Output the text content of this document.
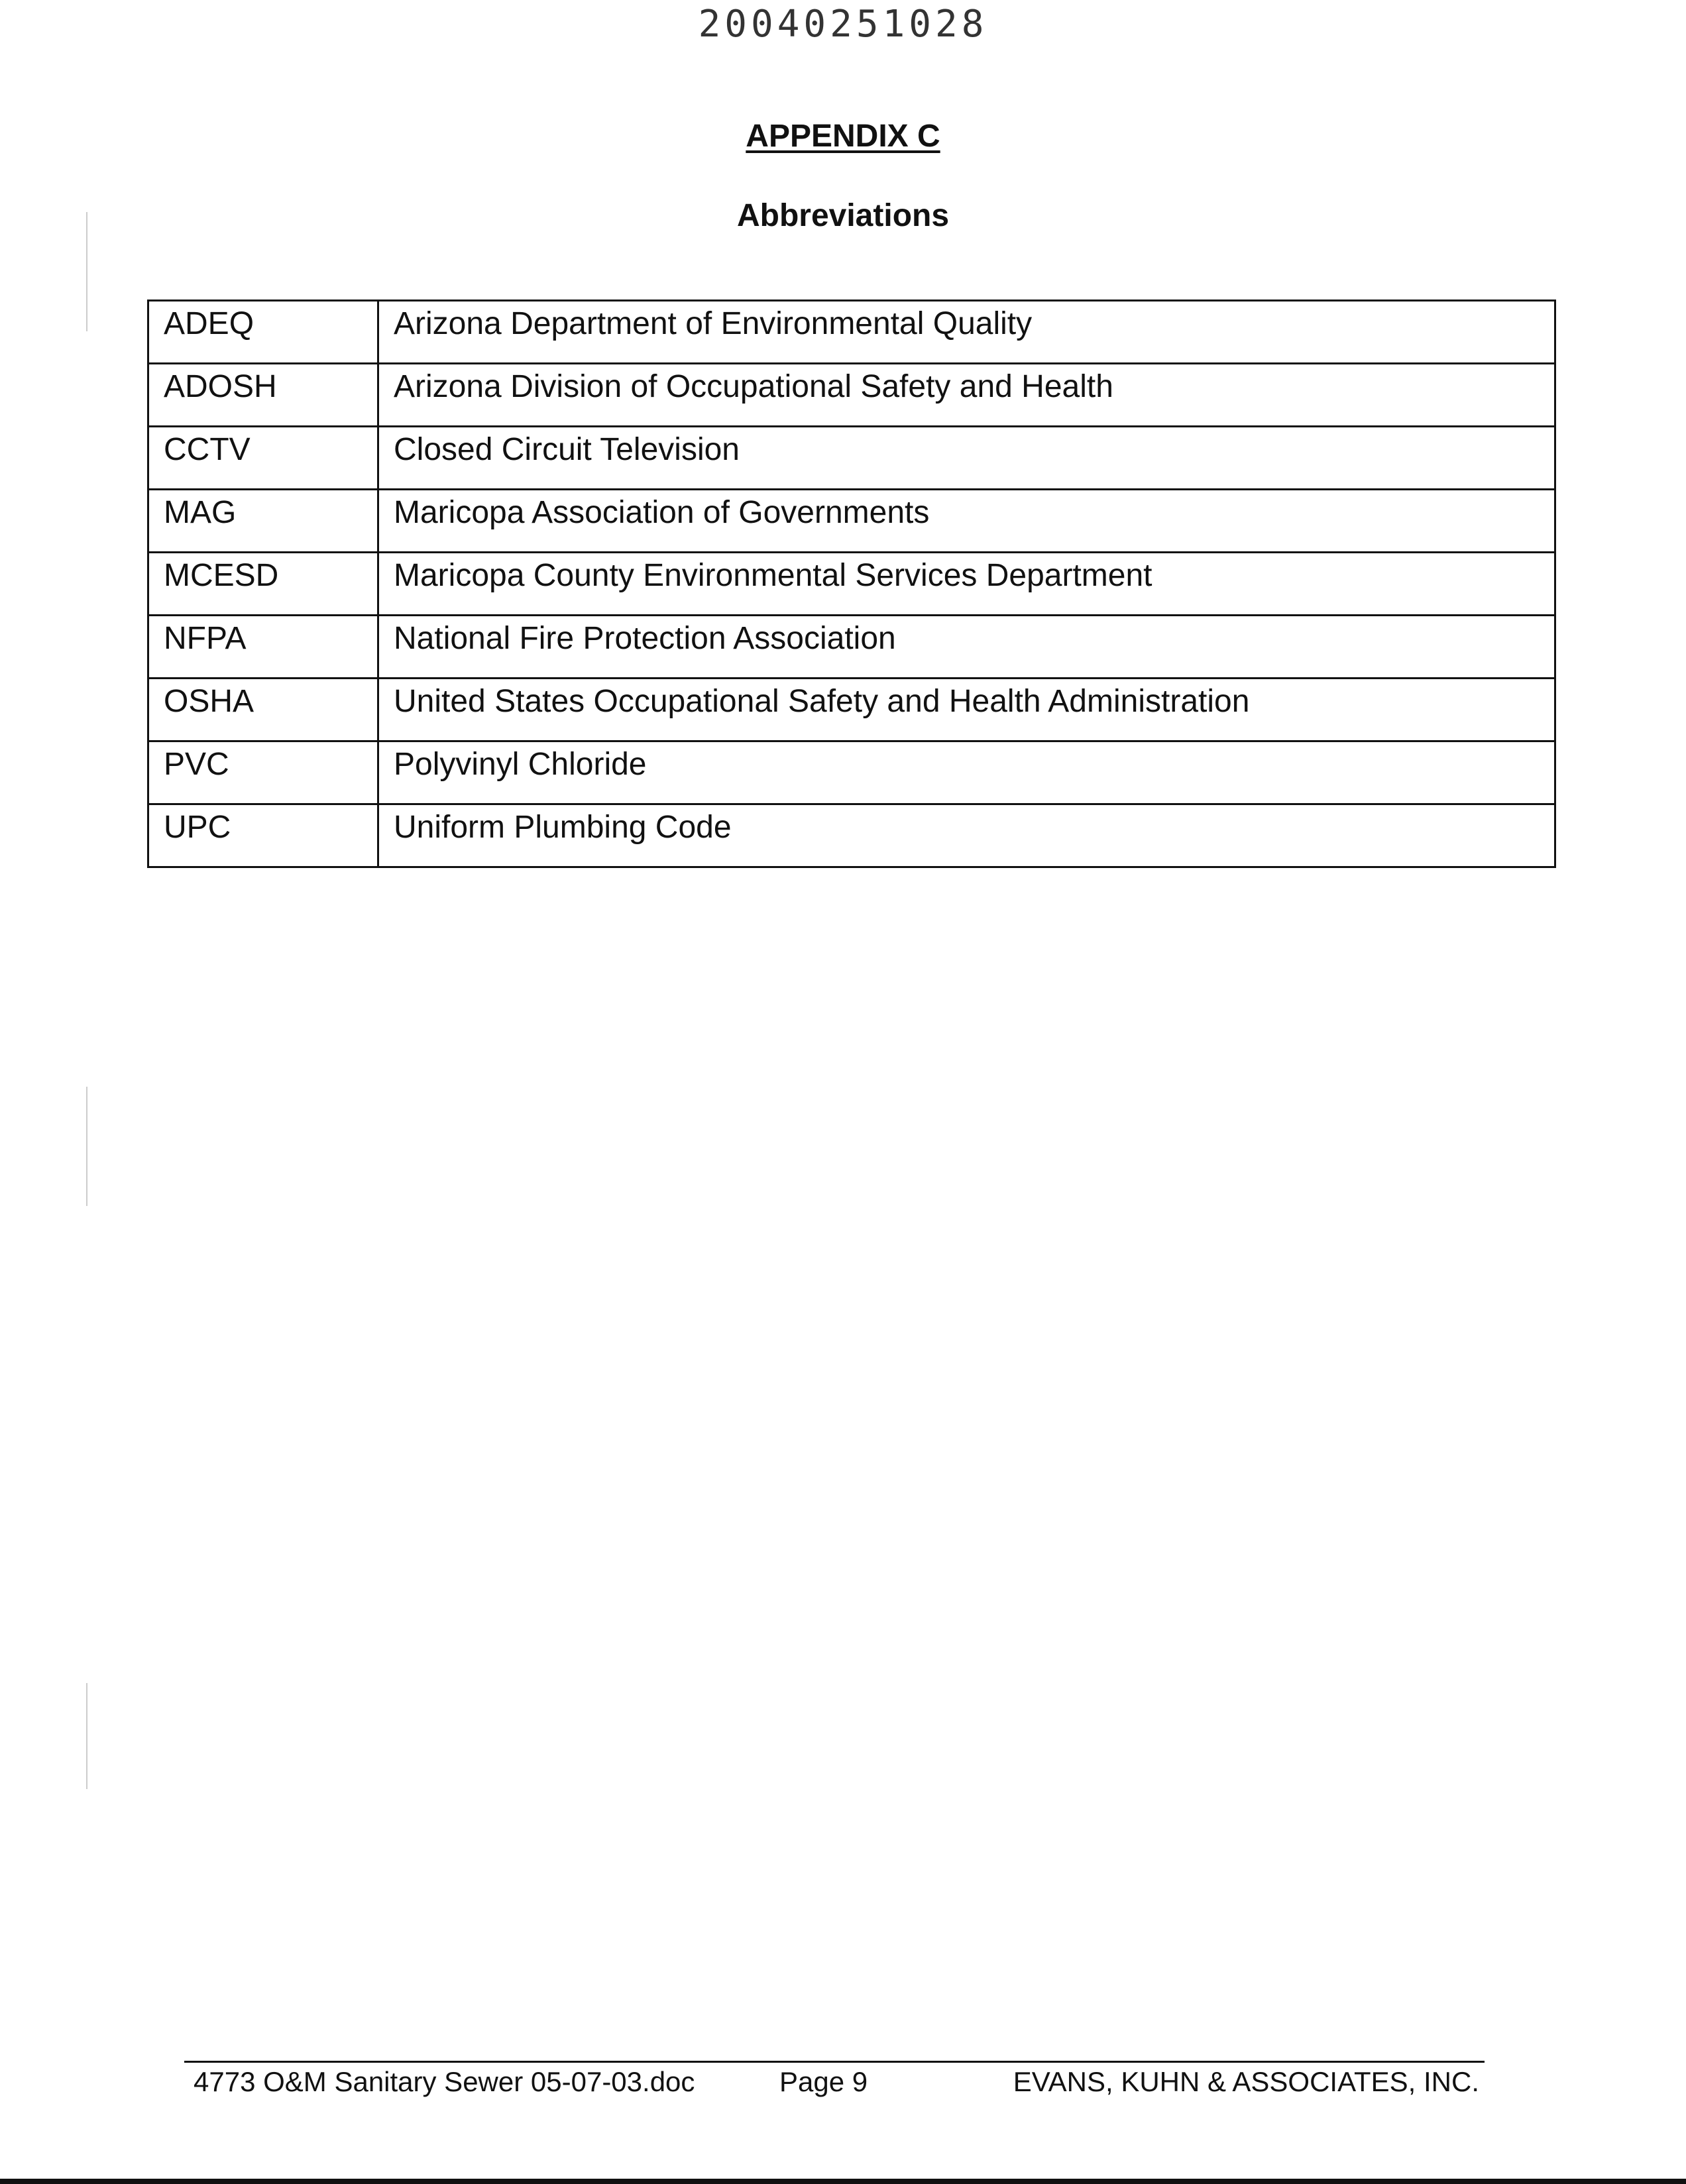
20040251028
APPENDIX C
Abbreviations
ADEQ	Arizona Department of Environmental Quality
ADOSH	Arizona Division of Occupational Safety and Health
CCTV	Closed Circuit Television
MAG	Maricopa Association of Governments
MCESD	Maricopa County Environmental Services Department
NFPA	National Fire Protection Association
OSHA	United States Occupational Safety and Health Administration
PVC	Polyvinyl Chloride
UPC	Uniform Plumbing Code
4773 O&M Sanitary Sewer 05-07-03.doc	Page 9	EVANS, KUHN & ASSOCIATES, INC.
